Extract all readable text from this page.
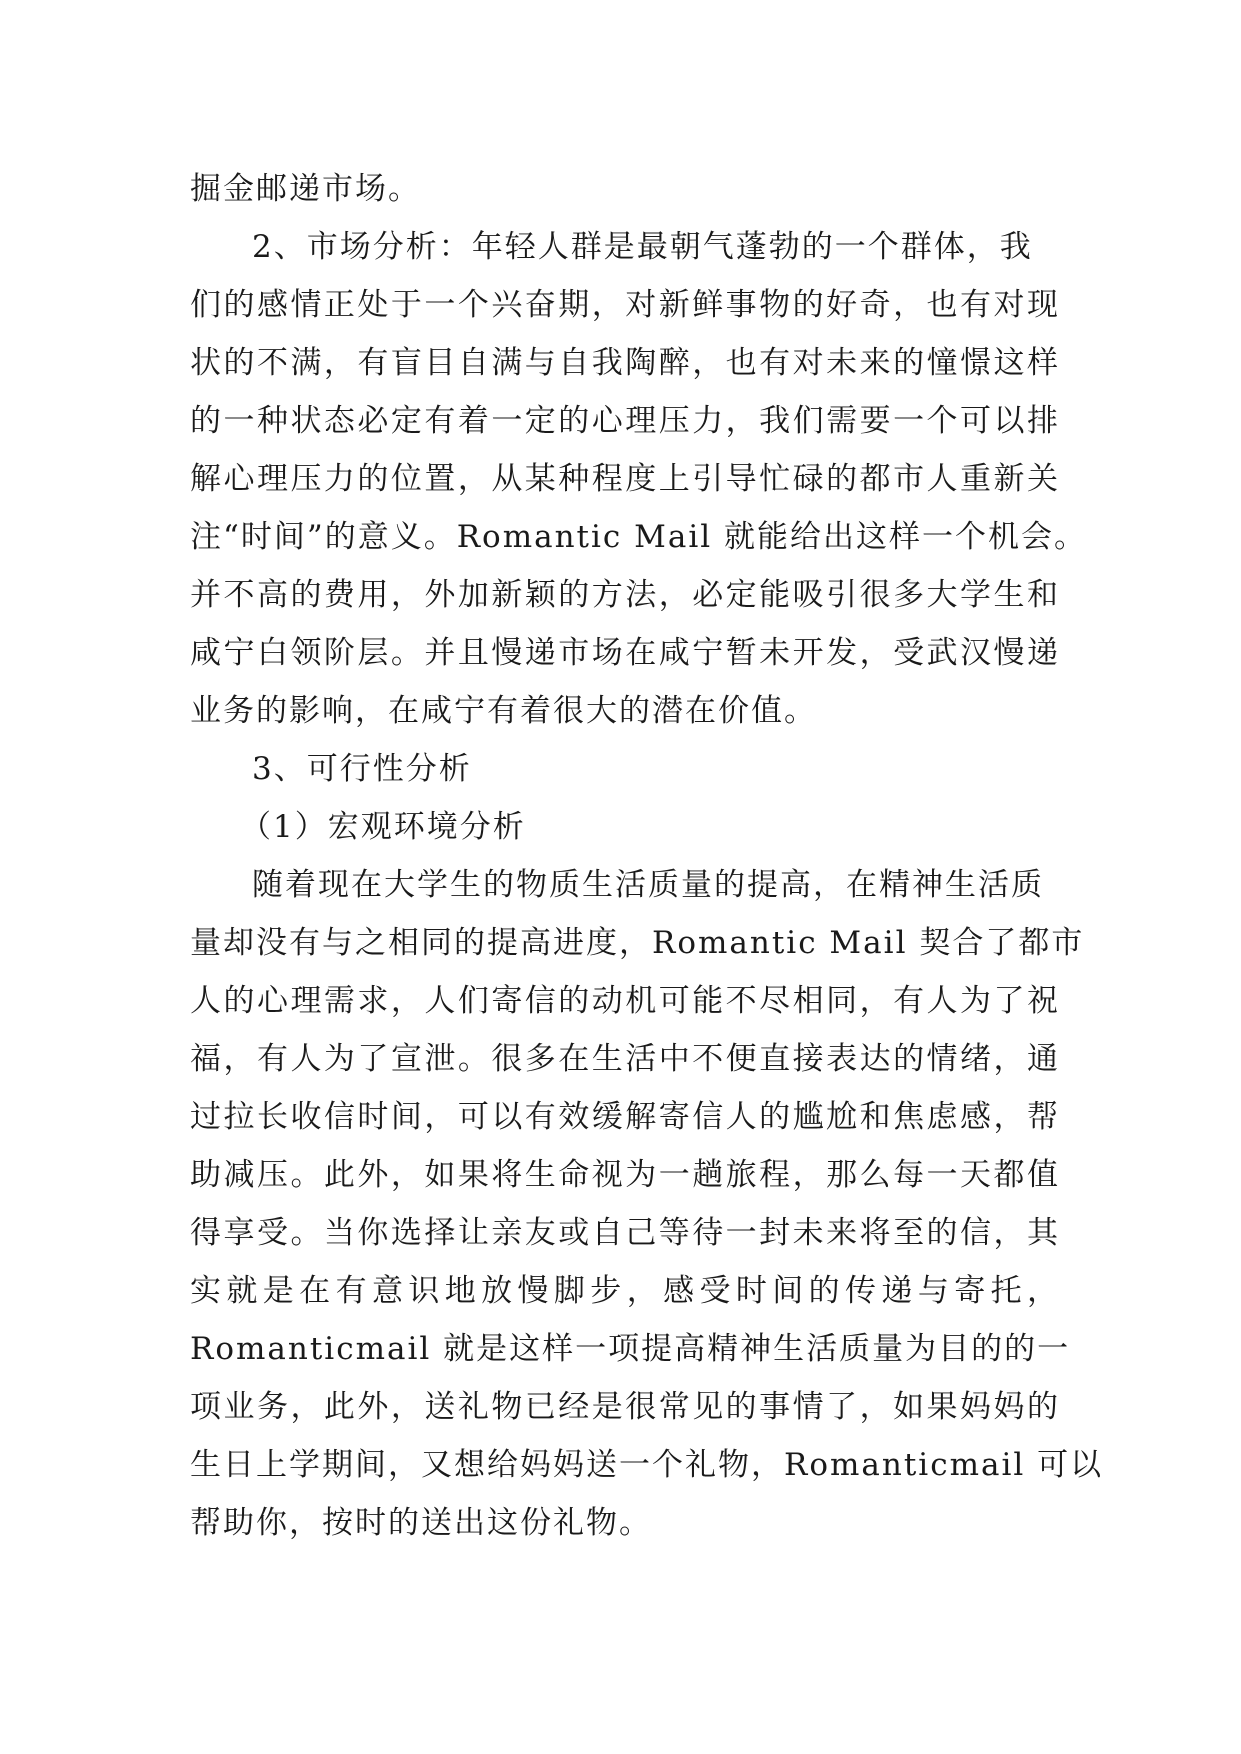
掘金邮递市场。
2、市场分析：年轻人群是最朝气蓬勃的一个群体，我
们的感情正处于一个兴奋期，对新鲜事物的好奇，也有对现
状的不满，有盲目自满与自我陶醉，也有对未来的憧憬这样
的一种状态必定有着一定的心理压力，我们需要一个可以排
解心理压力的位置，从某种程度上引导忙碌的都市人重新关
注“时间”的意义。Romantic Mail 就能给出这样一个机会。
并不高的费用，外加新颖的方法，必定能吸引很多大学生和
咸宁白领阶层。并且慢递市场在咸宁暂未开发，受武汉慢递
业务的影响，在咸宁有着很大的潜在价值。
3、可行性分析
（1）宏观环境分析
随着现在大学生的物质生活质量的提高，在精神生活质
量却没有与之相同的提高进度，Romantic Mail 契合了都市
人的心理需求，人们寄信的动机可能不尽相同，有人为了祝
福，有人为了宣泄。很多在生活中不便直接表达的情绪，通
过拉长收信时间，可以有效缓解寄信人的尴尬和焦虑感，帮
助减压。此外，如果将生命视为一趟旅程，那么每一天都值
得享受。当你选择让亲友或自己等待一封未来将至的信，其
实就是在有意识地放慢脚步，感受时间的传递与寄托，
Romanticmail 就是这样一项提高精神生活质量为目的的一
项业务，此外，送礼物已经是很常见的事情了，如果妈妈的
生日上学期间，又想给妈妈送一个礼物，Romanticmail 可以
帮助你，按时的送出这份礼物。
